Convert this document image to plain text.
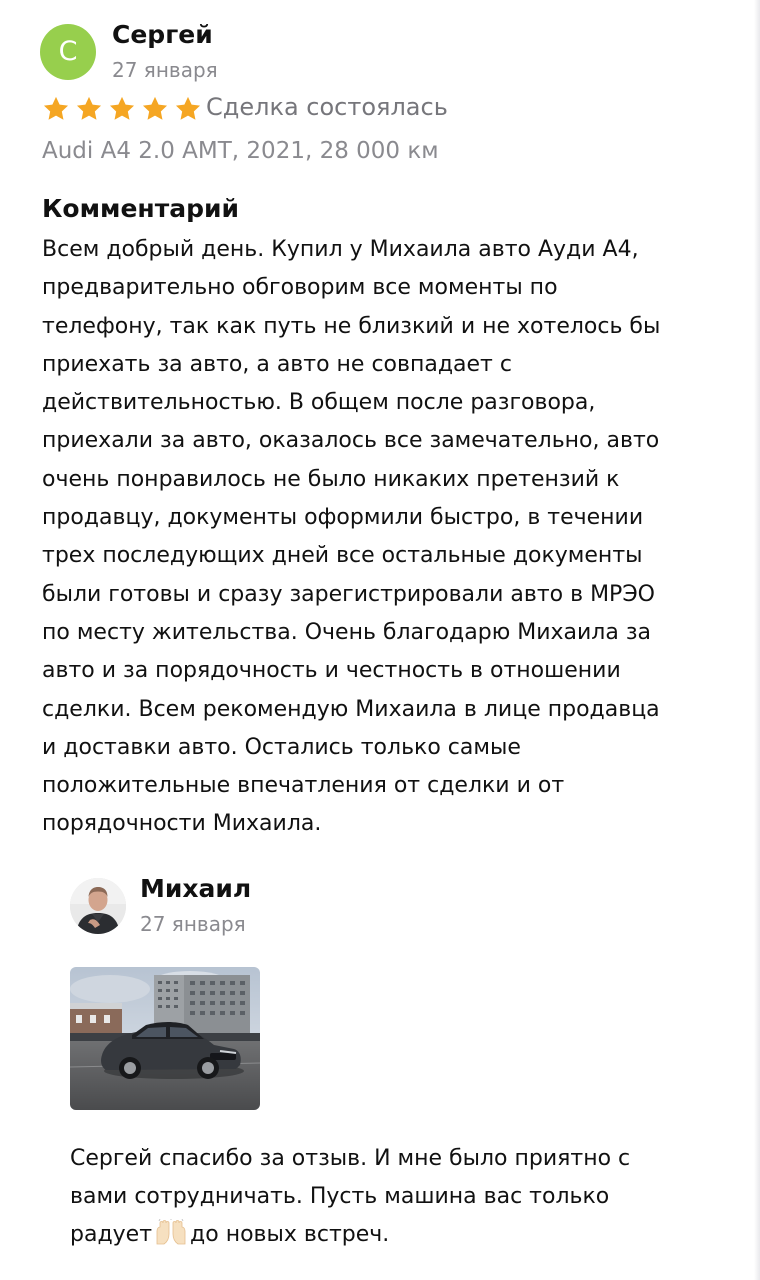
С
Сергей
27 января
Сделка состоялась
Audi A4 2.0 AMT, 2021, 28 000 км
Комментарий
Всем добрый день. Купил у Михаила авто Ауди А4,
предварительно обговорим все моменты по
телефону, так как путь не близкий и не хотелось бы
приехать за авто, а авто не совпадает с
действительностью. В общем после разговора,
приехали за авто, оказалось все замечательно, авто
очень понравилось не было никаких претензий к
продавцу, документы оформили быстро, в течении
трех последующих дней все остальные документы
были готовы и сразу зарегистрировали авто в МРЭО
по месту жительства. Очень благодарю Михаила за
авто и за порядочность и честность в отношении
сделки. Всем рекомендую Михаила в лице продавца
и доставки авто. Остались только самые
положительные впечатления от сделки и от
порядочности Михаила.
Михаил
27 января
Сергей спасибо за отзыв. И мне было приятно с
вами сотрудничать. Пусть машина вас только
радует до новых встреч.
